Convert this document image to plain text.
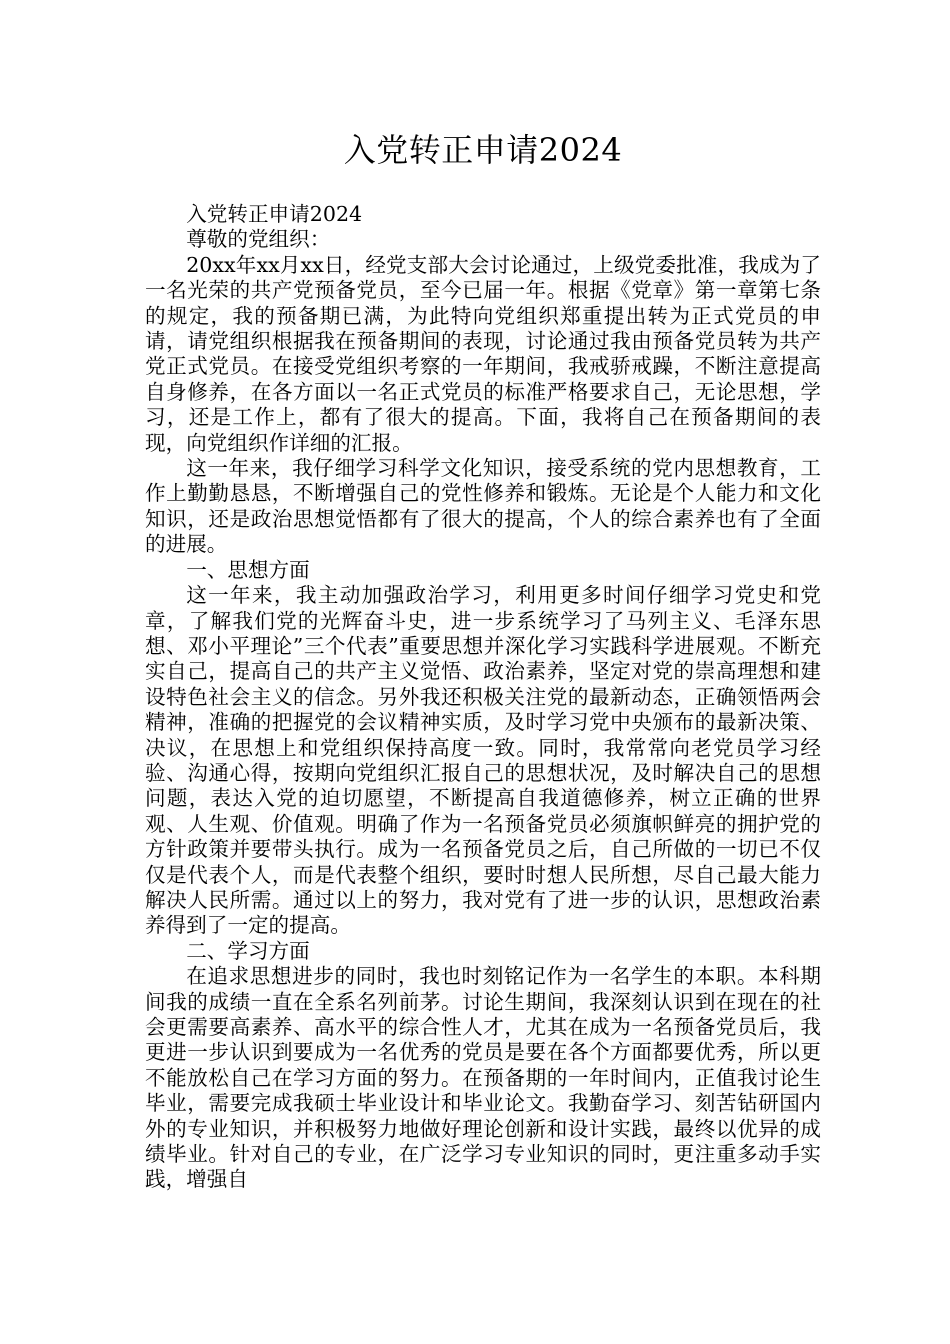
入党转正申请2024

入党转正申请2024

尊敬的党组织：

20xx年xx月xx日，经党支部大会讨论通过，上级党委批准，我成为了一名光荣的共产党预备党员，至今已届一年。根据《党章》第一章第七条的规定，我的预备期已满，为此特向党组织郑重提出转为正式党员的申请，请党组织根据我在预备期间的表现，讨论通过我由预备党员转为共产党正式党员。在接受党组织考察的一年期间，我戒骄戒躁，不断注意提高自身修养，在各方面以一名正式党员的标准严格要求自己，无论思想，学习，还是工作上，都有了很大的提高。下面，我将自己在预备期间的表现，向党组织作详细的汇报。

这一年来，我仔细学习科学文化知识，接受系统的党内思想教育，工作上勤勤恳恳，不断增强自己的党性修养和锻炼。无论是个人能力和文化知识，还是政治思想觉悟都有了很大的提高，个人的综合素养也有了全面的进展。

一、思想方面

这一年来，我主动加强政治学习，利用更多时间仔细学习党史和党章，了解我们党的光辉奋斗史，进一步系统学习了马列主义、毛泽东思想、邓小平理论”三个代表”重要思想并深化学习实践科学进展观。不断充实自己，提高自己的共产主义觉悟、政治素养，坚定对党的崇高理想和建设特色社会主义的信念。另外我还积极关注党的最新动态，正确领悟两会精神，准确的把握党的会议精神实质，及时学习党中央颁布的最新决策、决议，在思想上和党组织保持高度一致。同时，我常常向老党员学习经验、沟通心得，按期向党组织汇报自己的思想状况，及时解决自己的思想问题，表达入党的迫切愿望，不断提高自我道德修养，树立正确的世界观、人生观、价值观。明确了作为一名预备党员必须旗帜鲜亮的拥护党的方针政策并要带头执行。成为一名预备党员之后，自己所做的一切已不仅仅是代表个人，而是代表整个组织，要时时想人民所想，尽自己最大能力解决人民所需。通过以上的努力，我对党有了进一步的认识，思想政治素养得到了一定的提高。

二、学习方面

在追求思想进步的同时，我也时刻铭记作为一名学生的本职。本科期间我的成绩一直在全系名列前茅。讨论生期间，我深刻认识到在现在的社会更需要高素养、高水平的综合性人才，尤其在成为一名预备党员后，我更进一步认识到要成为一名优秀的党员是要在各个方面都要优秀，所以更不能放松自己在学习方面的努力。在预备期的一年时间内，正值我讨论生毕业，需要完成我硕士毕业设计和毕业论文。我勤奋学习、刻苦钻研国内外的专业知识，并积极努力地做好理论创新和设计实践，最终以优异的成绩毕业。针对自己的专业，在广泛学习专业知识的同时，更注重多动手实践，增强自
